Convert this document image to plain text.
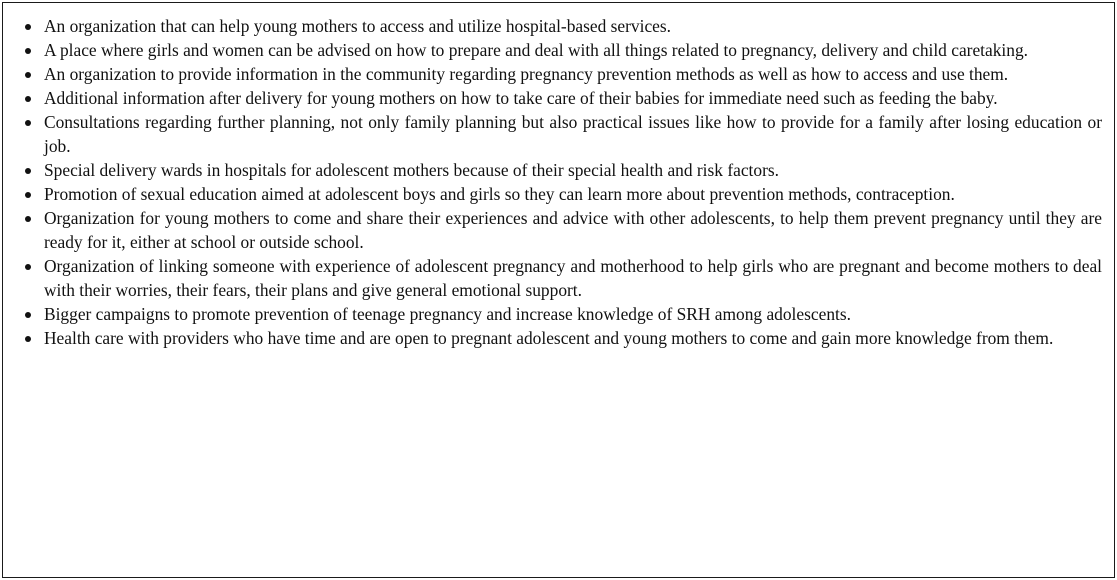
An organization that can help young mothers to access and utilize hospital-based services.
A place where girls and women can be advised on how to prepare and deal with all things related to pregnancy, delivery and child caretaking.
An organization to provide information in the community regarding pregnancy prevention methods as well as how to access and use them.
Additional information after delivery for young mothers on how to take care of their babies for immediate need such as feeding the baby.
Consultations regarding further planning, not only family planning but also practical issues like how to provide for a family after losing education or job.
Special delivery wards in hospitals for adolescent mothers because of their special health and risk factors.
Promotion of sexual education aimed at adolescent boys and girls so they can learn more about prevention methods, contraception.
Organization for young mothers to come and share their experiences and advice with other adolescents, to help them prevent pregnancy until they are ready for it, either at school or outside school.
Organization of linking someone with experience of adolescent pregnancy and motherhood to help girls who are pregnant and become mothers to deal with their worries, their fears, their plans and give general emotional support.
Bigger campaigns to promote prevention of teenage pregnancy and increase knowledge of SRH among adolescents.
Health care with providers who have time and are open to pregnant adolescent and young mothers to come and gain more knowledge from them.
